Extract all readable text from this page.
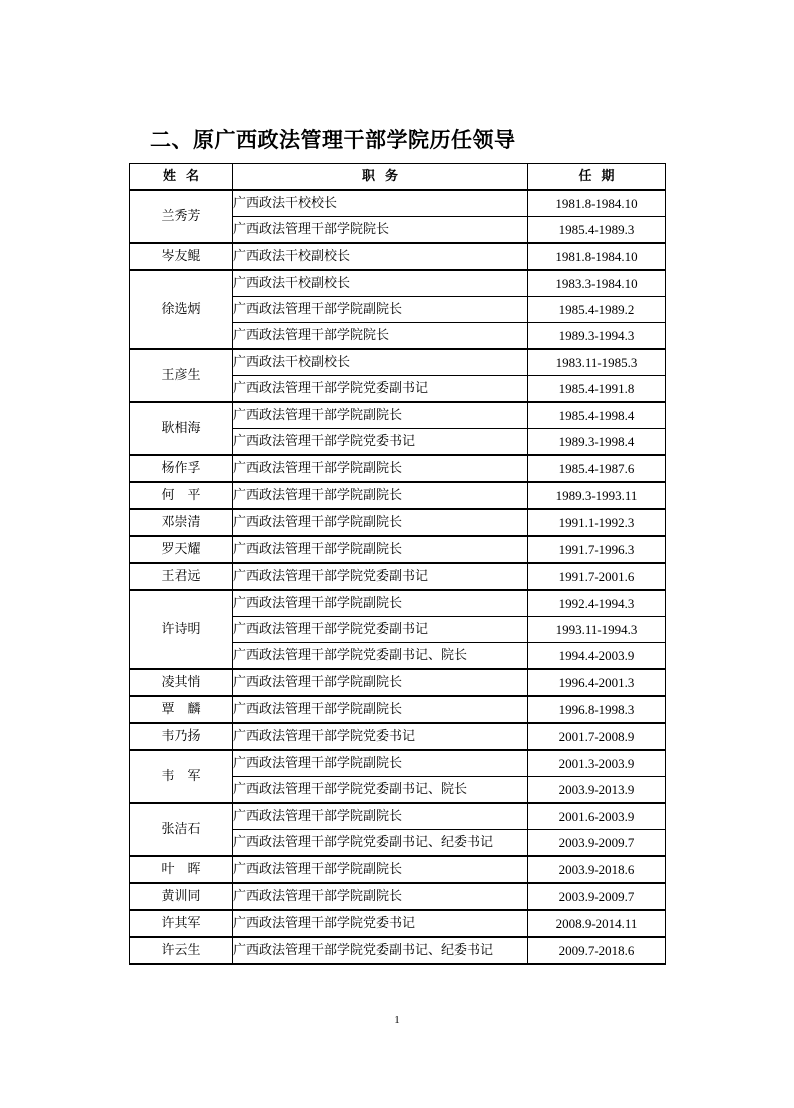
二、原广西政法管理干部学院历任领导
姓名	职务	任期
兰秀芳	广西政法干校校长	1981.8-1984.10
	广西政法管理干部学院院长	1985.4-1989.3
岑友鲲	广西政法干校副校长	1981.8-1984.10
徐选炳	广西政法干校副校长	1983.3-1984.10
	广西政法管理干部学院副院长	1985.4-1989.2
	广西政法管理干部学院院长	1989.3-1994.3
王彦生	广西政法干校副校长	1983.11-1985.3
	广西政法管理干部学院党委副书记	1985.4-1991.8
耿相海	广西政法管理干部学院副院长	1985.4-1998.4
	广西政法管理干部学院党委书记	1989.3-1998.4
杨作孚	广西政法管理干部学院副院长	1985.4-1987.6
何　平	广西政法管理干部学院副院长	1989.3-1993.11
邓崇清	广西政法管理干部学院副院长	1991.1-1992.3
罗天耀	广西政法管理干部学院副院长	1991.7-1996.3
王君远	广西政法管理干部学院党委副书记	1991.7-2001.6
许诗明	广西政法管理干部学院副院长	1992.4-1994.3
	广西政法管理干部学院党委副书记	1993.11-1994.3
	广西政法管理干部学院党委副书记、院长	1994.4-2003.9
凌其悄	广西政法管理干部学院副院长	1996.4-2001.3
覃　麟	广西政法管理干部学院副院长	1996.8-1998.3
韦乃扬	广西政法管理干部学院党委书记	2001.7-2008.9
韦　军	广西政法管理干部学院副院长	2001.3-2003.9
	广西政法管理干部学院党委副书记、院长	2003.9-2013.9
张洁石	广西政法管理干部学院副院长	2001.6-2003.9
	广西政法管理干部学院党委副书记、纪委书记	2003.9-2009.7
叶　晖	广西政法管理干部学院副院长	2003.9-2018.6
黄训同	广西政法管理干部学院副院长	2003.9-2009.7
许其军	广西政法管理干部学院党委书记	2008.9-2014.11
许云生	广西政法管理干部学院党委副书记、纪委书记	2009.7-2018.6
1
